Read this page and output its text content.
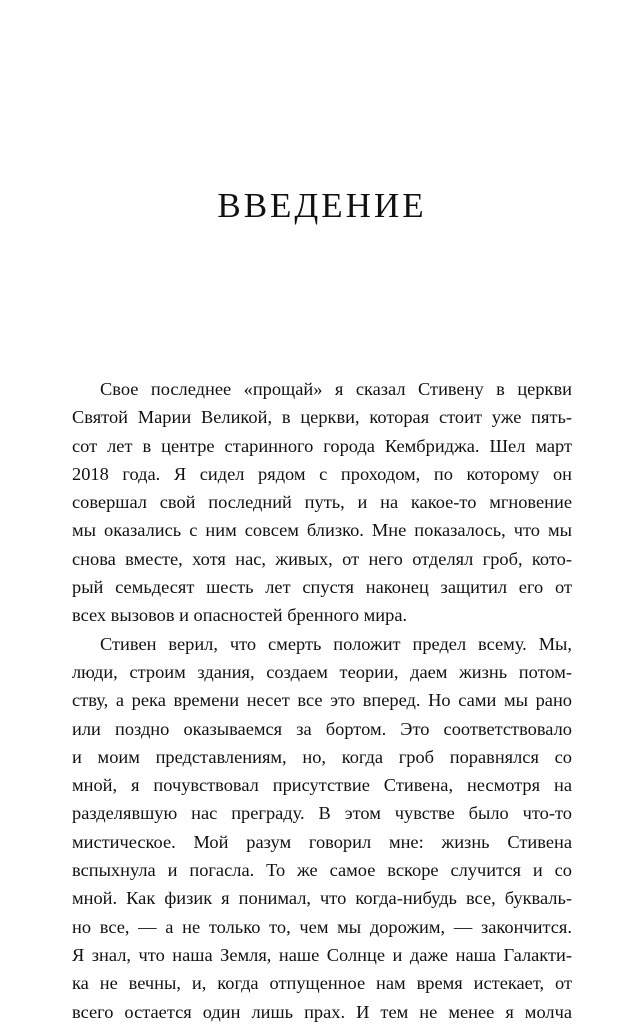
ВВЕДЕНИЕ
Свое последнее «прощай» я сказал Стивену в церкви
Святой Марии Великой, в церкви, которая стоит уже пять-
сот лет в центре старинного города Кембриджа. Шел март
2018 года. Я сидел рядом с проходом, по которому он
совершал свой последний путь, и на какое-то мгновение
мы оказались с ним совсем близко. Мне показалось, что мы
снова вместе, хотя нас, живых, от него отделял гроб, кото-
рый семьдесят шесть лет спустя наконец защитил его от
всех вызовов и опасностей бренного мира.
Стивен верил, что смерть положит предел всему. Мы,
люди, строим здания, создаем теории, даем жизнь потом-
ству, а река времени несет все это вперед. Но сами мы рано
или поздно оказываемся за бортом. Это соответствовало
и моим представлениям, но, когда гроб поравнялся со
мной, я почувствовал присутствие Стивена, несмотря на
разделявшую нас преграду. В этом чувстве было что-то
мистическое. Мой разум говорил мне: жизнь Стивена
вспыхнула и погасла. То же самое вскоре случится и со
мной. Как физик я понимал, что когда-нибудь все, букваль-
но все, — а не только то, чем мы дорожим, — закончится.
Я знал, что наша Земля, наше Солнце и даже наша Галакти-
ка не вечны, и, когда отпущенное нам время истекает, от
всего остается один лишь прах. И тем не менее я молча
